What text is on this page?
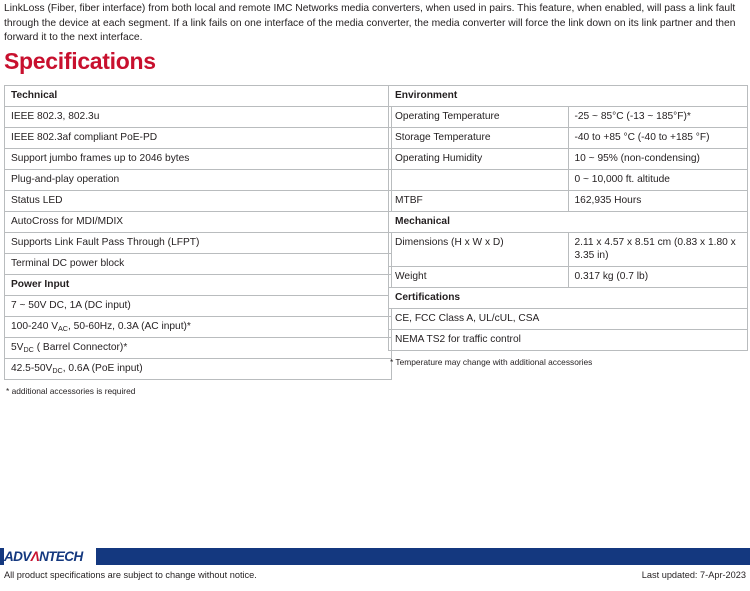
LinkLoss (Fiber, fiber interface) from both local and remote IMC Networks media converters, when used in pairs. This feature, when enabled, will pass a link fault through the device at each segment. If a link fails on one interface of the media converter, the media converter will force the link down on its link partner and then forward it to the next interface.
Specifications
Technical
IEEE 802.3, 802.3u
IEEE 802.3af compliant PoE-PD
Support jumbo frames up to 2046 bytes
Plug-and-play operation
Status LED
AutoCross for MDI/MDIX
Supports Link Fault Pass Through (LFPT)
Terminal DC power block
Power Input
7 ~ 50V DC, 1A (DC input)
100-240 $V_{AC}$, 50-60Hz, 0.3A (AC input)*
$5V_{DC}$ ( Barrel Connector)*
$42.5-50V_{DC}$, 0.6A (PoE input)
* additional accessories is required
Environment	
Operating Temperature	-25 ~ 85°C (-13 ~ 185°F)*
Storage Temperature	-40 to +85 °C (-40 to +185 °F)
Operating Humidity	10 ~ 95% (non-condensing)
	0 ~ 10,000 ft. altitude
MTBF	162,935 Hours
Mechanical	
Dimensions (H x W x D)	2.11 x 4.57 x 8.51 cm (0.83 x 1.80 x 3.35 in)
Weight	0.317 kg (0.7 lb)
Certifications	
CE, FCC Class A, UL/cUL, CSA	
NEMA TS2 for traffic control	
* Temperature may change with additional accessories
ADVΛNTECH
All product specifications are subject to change without notice.	Last updated: 7-Apr-2023
